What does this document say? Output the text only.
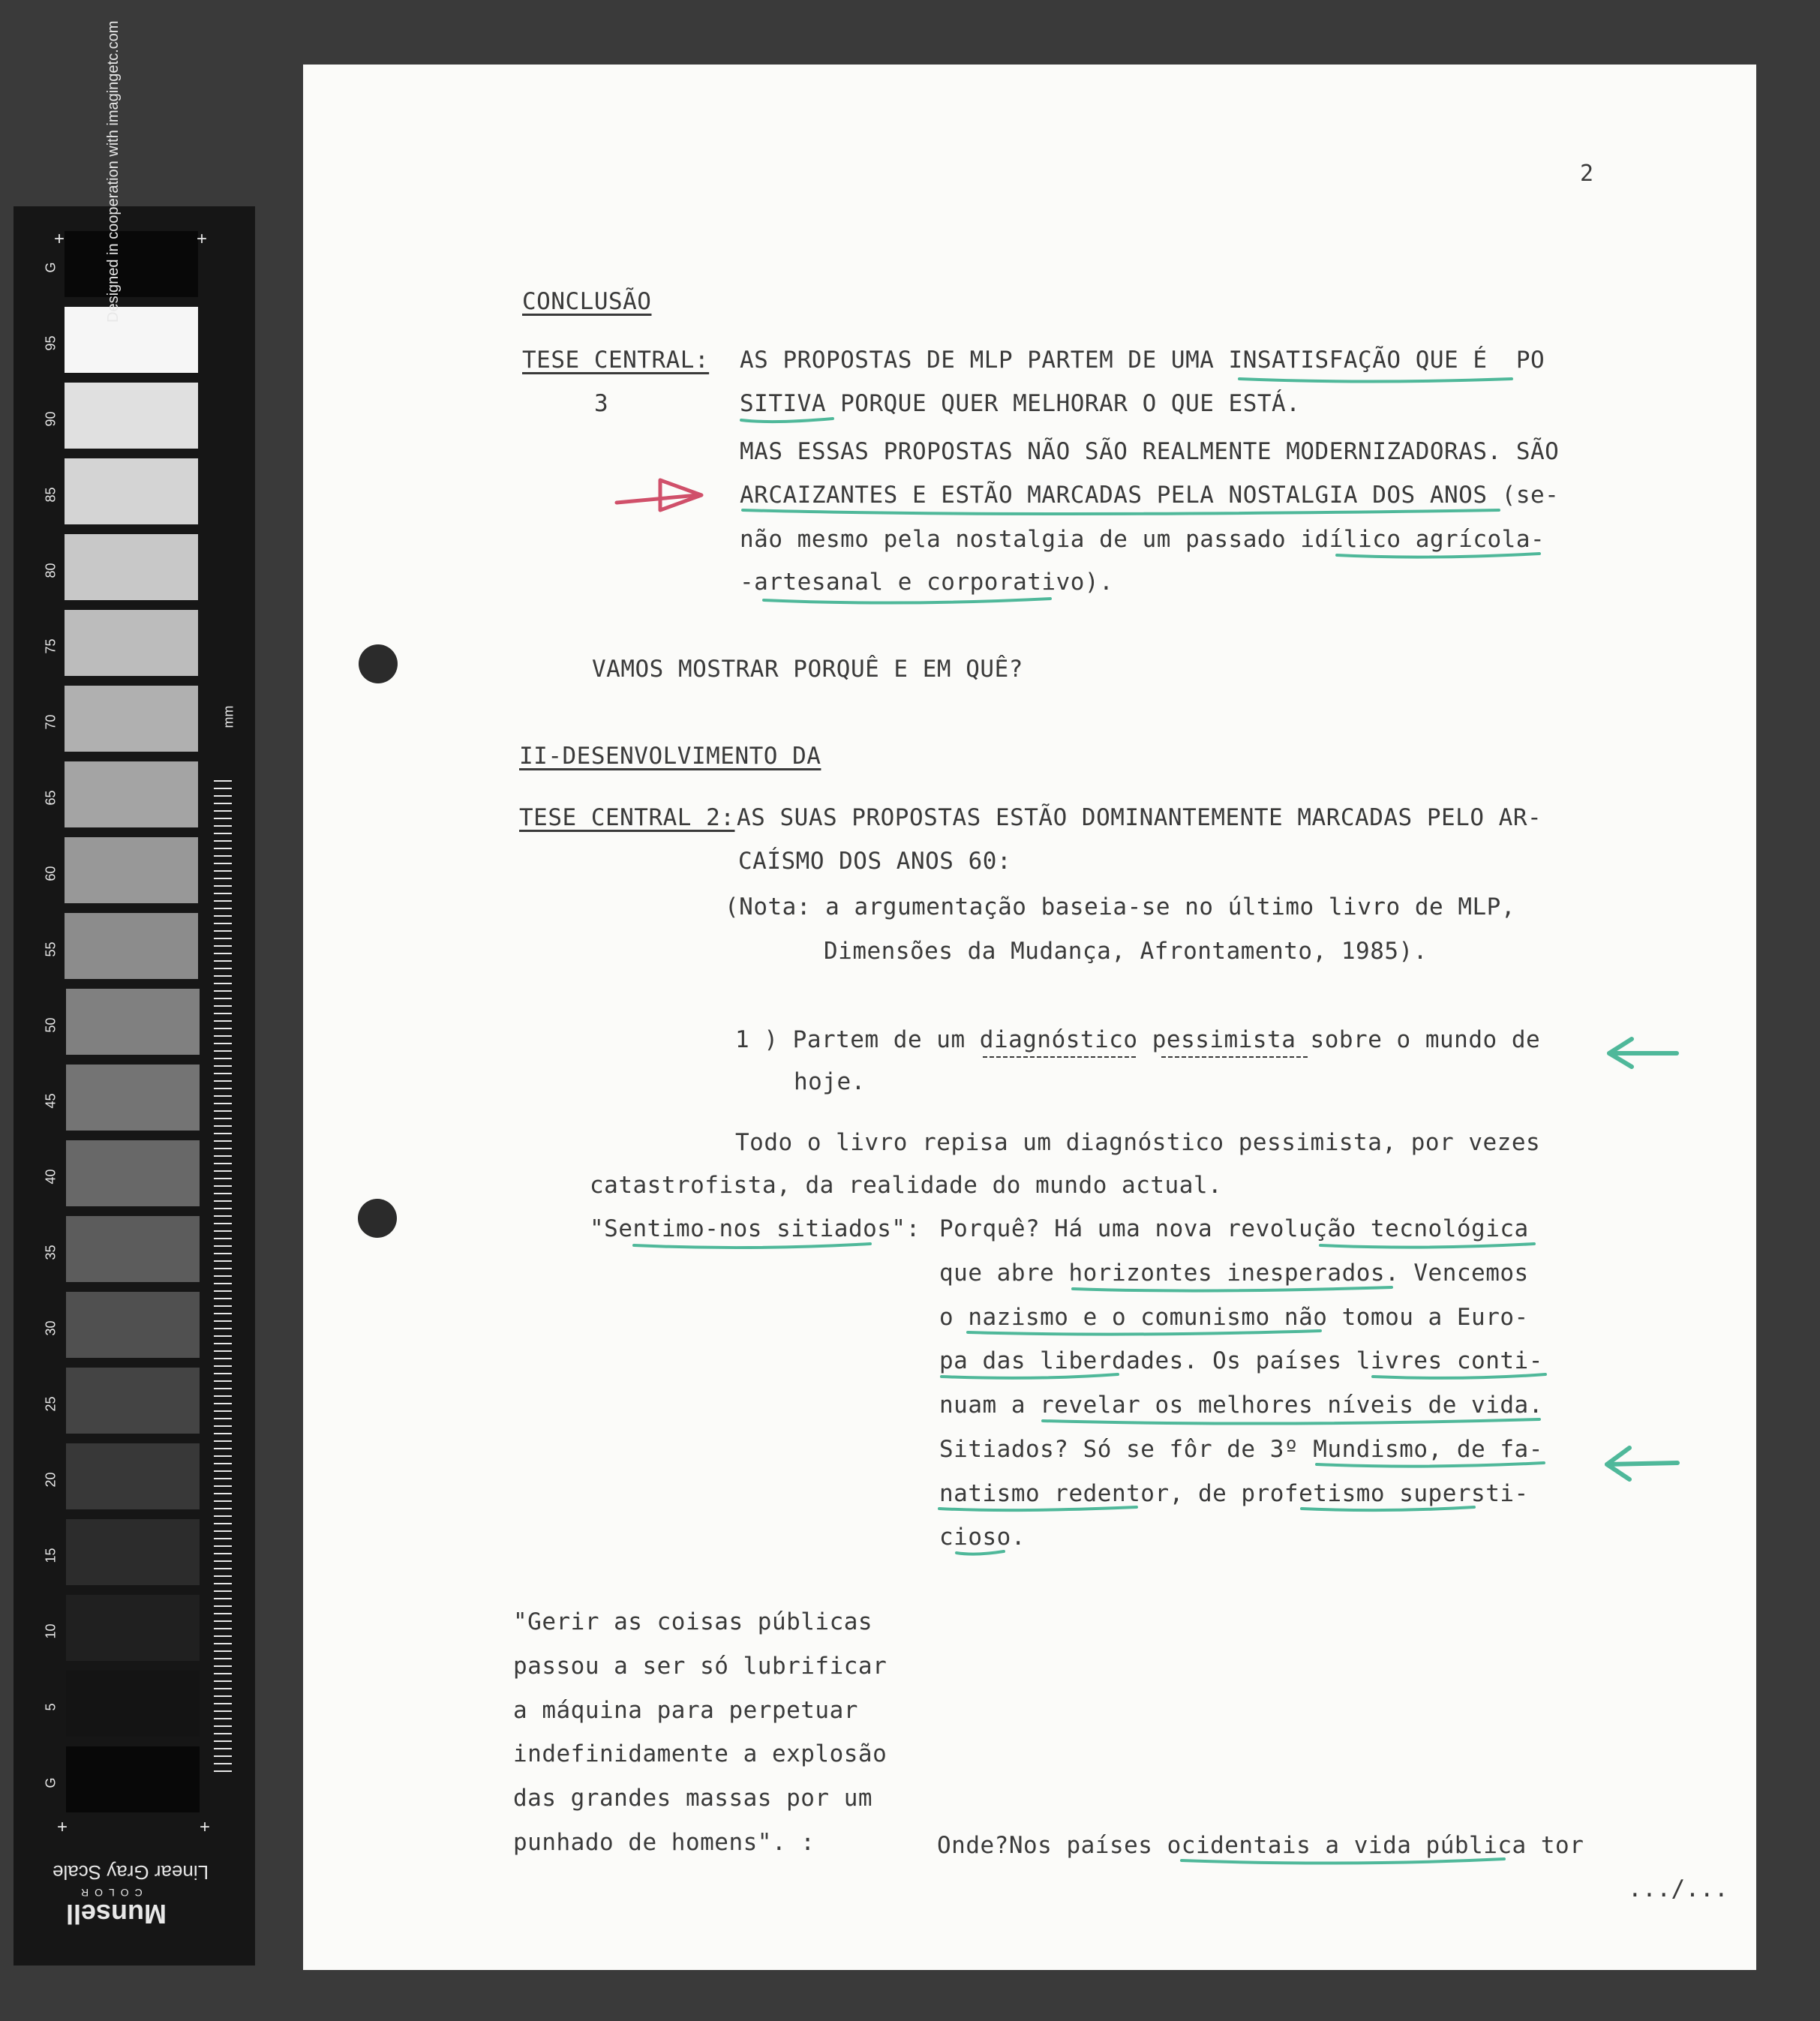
G
95
90
85
80
75
70
65
60
55
50
45
40
35
30
25
20
15
10
5
G
Designed in cooperation with imagingetc.com
mm
+	+
+	+
Linear Gray Scale
COLOR
Munsell
2
CONCLUSÃO
TESE CENTRAL:
3
AS PROPOSTAS DE MLP PARTEM DE UMA INSATISFAÇÃO QUE É  PO
SITIVA PORQUE QUER MELHORAR O QUE ESTÁ.
MAS ESSAS PROPOSTAS NÃO SÃO REALMENTE MODERNIZADORAS. SÃO
ARCAIZANTES E ESTÃO MARCADAS PELA NOSTALGIA DOS ANOS (se-
não mesmo pela nostalgia de um passado idílico agrícola-
-artesanal e corporativo).
VAMOS MOSTRAR PORQUÊ E EM QUÊ?
II-DESENVOLVIMENTO DA
TESE CENTRAL 2: AS SUAS PROPOSTAS ESTÃO DOMINANTEMENTE MARCADAS PELO AR-
CAÍSMO DOS ANOS 60:
(Nota: a argumentação baseia-se no último livro de MLP,
Dimensões da Mudança, Afrontamento, 1985).
1 ) Partem de um diagnóstico pessimista sobre o mundo de
hoje.
Todo o livro repisa um diagnóstico pessimista, por vezes
catastrofista, da realidade do mundo actual.
"Sentimo-nos sitiados": Porquê? Há uma nova revolução tecnológica
que abre horizontes inesperados. Vencemos
o nazismo e o comunismo não tomou a Euro-
pa das liberdades. Os países livres conti-
nuam a revelar os melhores níveis de vida.
Sitiados? Só se fôr de 3º Mundismo, de fa-
natismo redentor, de profetismo supersti-
cioso.
"Gerir as coisas públicas
passou a ser só lubrificar
a máquina para perpetuar
indefinidamente a explosão
das grandes massas por um
punhado de homens". :	Onde?Nos países ocidentais a vida pública tor
.../...
